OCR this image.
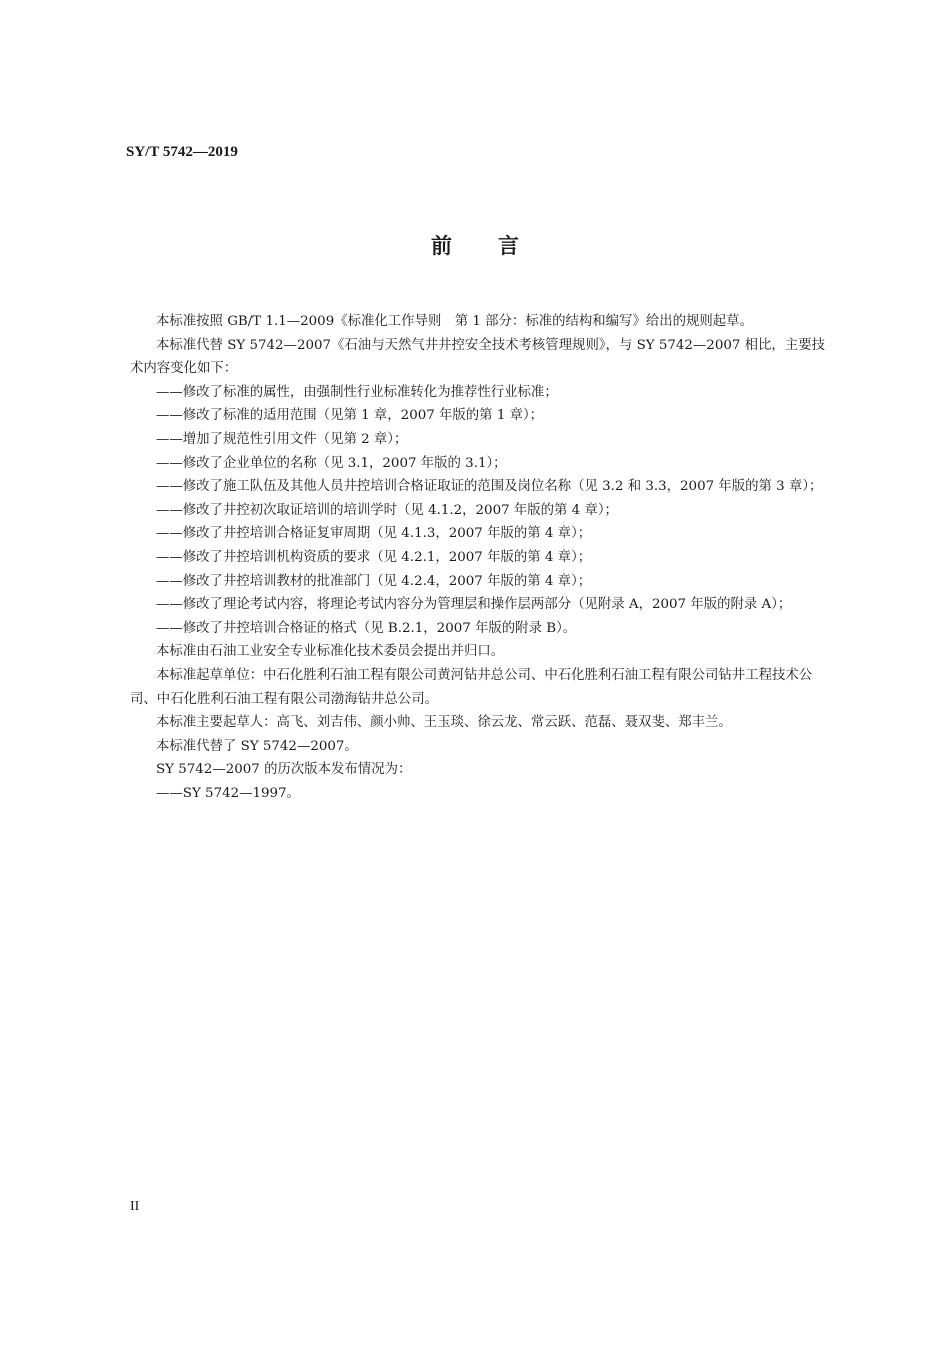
SY/T 5742—2019
前 言

本标准按照 GB/T 1.1—2009《标准化工作导则　第 1 部分：标准的结构和编写》给出的规则起草。

本标准代替 SY 5742—2007《石油与天然气井井控安全技术考核管理规则》，与 SY 5742—2007 相比，主要技术内容变化如下：

——修改了标准的属性，由强制性行业标准转化为推荐性行业标准；

——修改了标准的适用范围（见第 1 章，2007 年版的第 1 章）；

——增加了规范性引用文件（见第 2 章）；

——修改了企业单位的名称（见 3.1，2007 年版的 3.1）；

——修改了施工队伍及其他人员井控培训合格证取证的范围及岗位名称（见 3.2 和 3.3，2007 年版的第 3 章）；

——修改了井控初次取证培训的培训学时（见 4.1.2，2007 年版的第 4 章）；

——修改了井控培训合格证复审周期（见 4.1.3，2007 年版的第 4 章）；

——修改了井控培训机构资质的要求（见 4.2.1，2007 年版的第 4 章）；

——修改了井控培训教材的批准部门（见 4.2.4，2007 年版的第 4 章）；

——修改了理论考试内容，将理论考试内容分为管理层和操作层两部分（见附录 A，2007 年版的附录 A）；

——修改了井控培训合格证的格式（见 B.2.1，2007 年版的附录 B）。

本标准由石油工业安全专业标准化技术委员会提出并归口。

本标准起草单位：中石化胜利石油工程有限公司黄河钻井总公司、中石化胜利石油工程有限公司钻井工程技术公司、中石化胜利石油工程有限公司渤海钻井总公司。

本标准主要起草人：高飞、刘吉伟、颜小帅、王玉琰、徐云龙、常云跃、范磊、聂双斐、郑丰兰。

本标准代替了 SY 5742—2007。

SY 5742—2007 的历次版本发布情况为：

——SY 5742—1997。

II
